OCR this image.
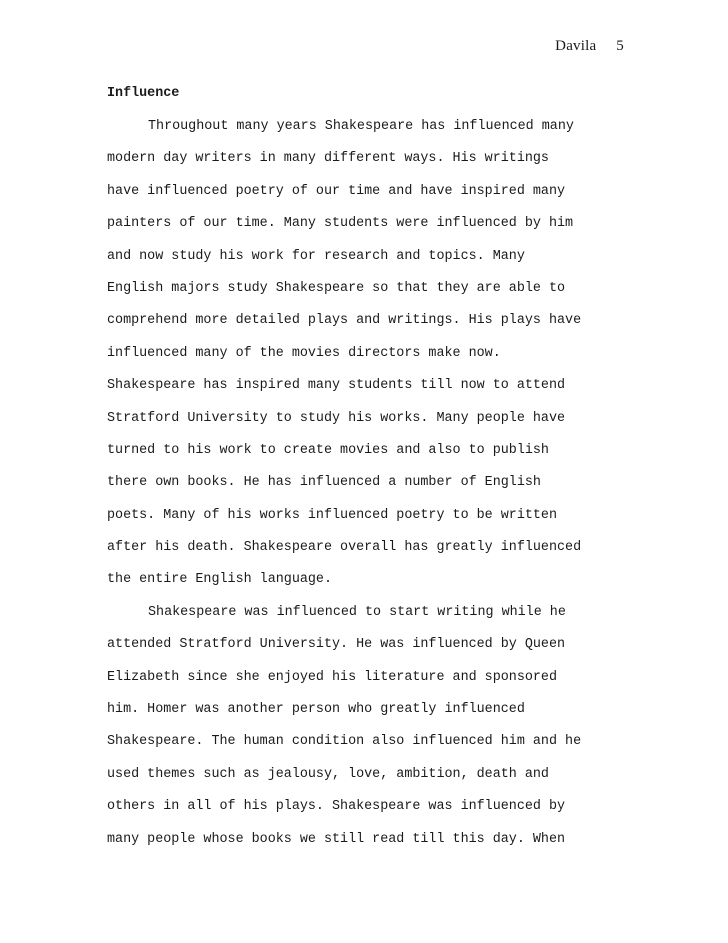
Davila 5
Influence
Throughout many years Shakespeare has influenced many
modern day writers in many different ways. His writings
have influenced poetry of our time and have inspired many
painters of our time. Many students were influenced by him
and now study his work for research and topics. Many
English majors study Shakespeare so that they are able to
comprehend more detailed plays and writings. His plays have
influenced many of the movies directors make now.
Shakespeare has inspired many students till now to attend
Stratford University to study his works. Many people have
turned to his work to create movies and also to publish
there own books. He has influenced a number of English
poets. Many of his works influenced poetry to be written
after his death. Shakespeare overall has greatly influenced
the entire English language.
Shakespeare was influenced to start writing while he
attended Stratford University. He was influenced by Queen
Elizabeth since she enjoyed his literature and sponsored
him. Homer was another person who greatly influenced
Shakespeare. The human condition also influenced him and he
used themes such as jealousy, love, ambition, death and
others in all of his plays. Shakespeare was influenced by
many people whose books we still read till this day. When
